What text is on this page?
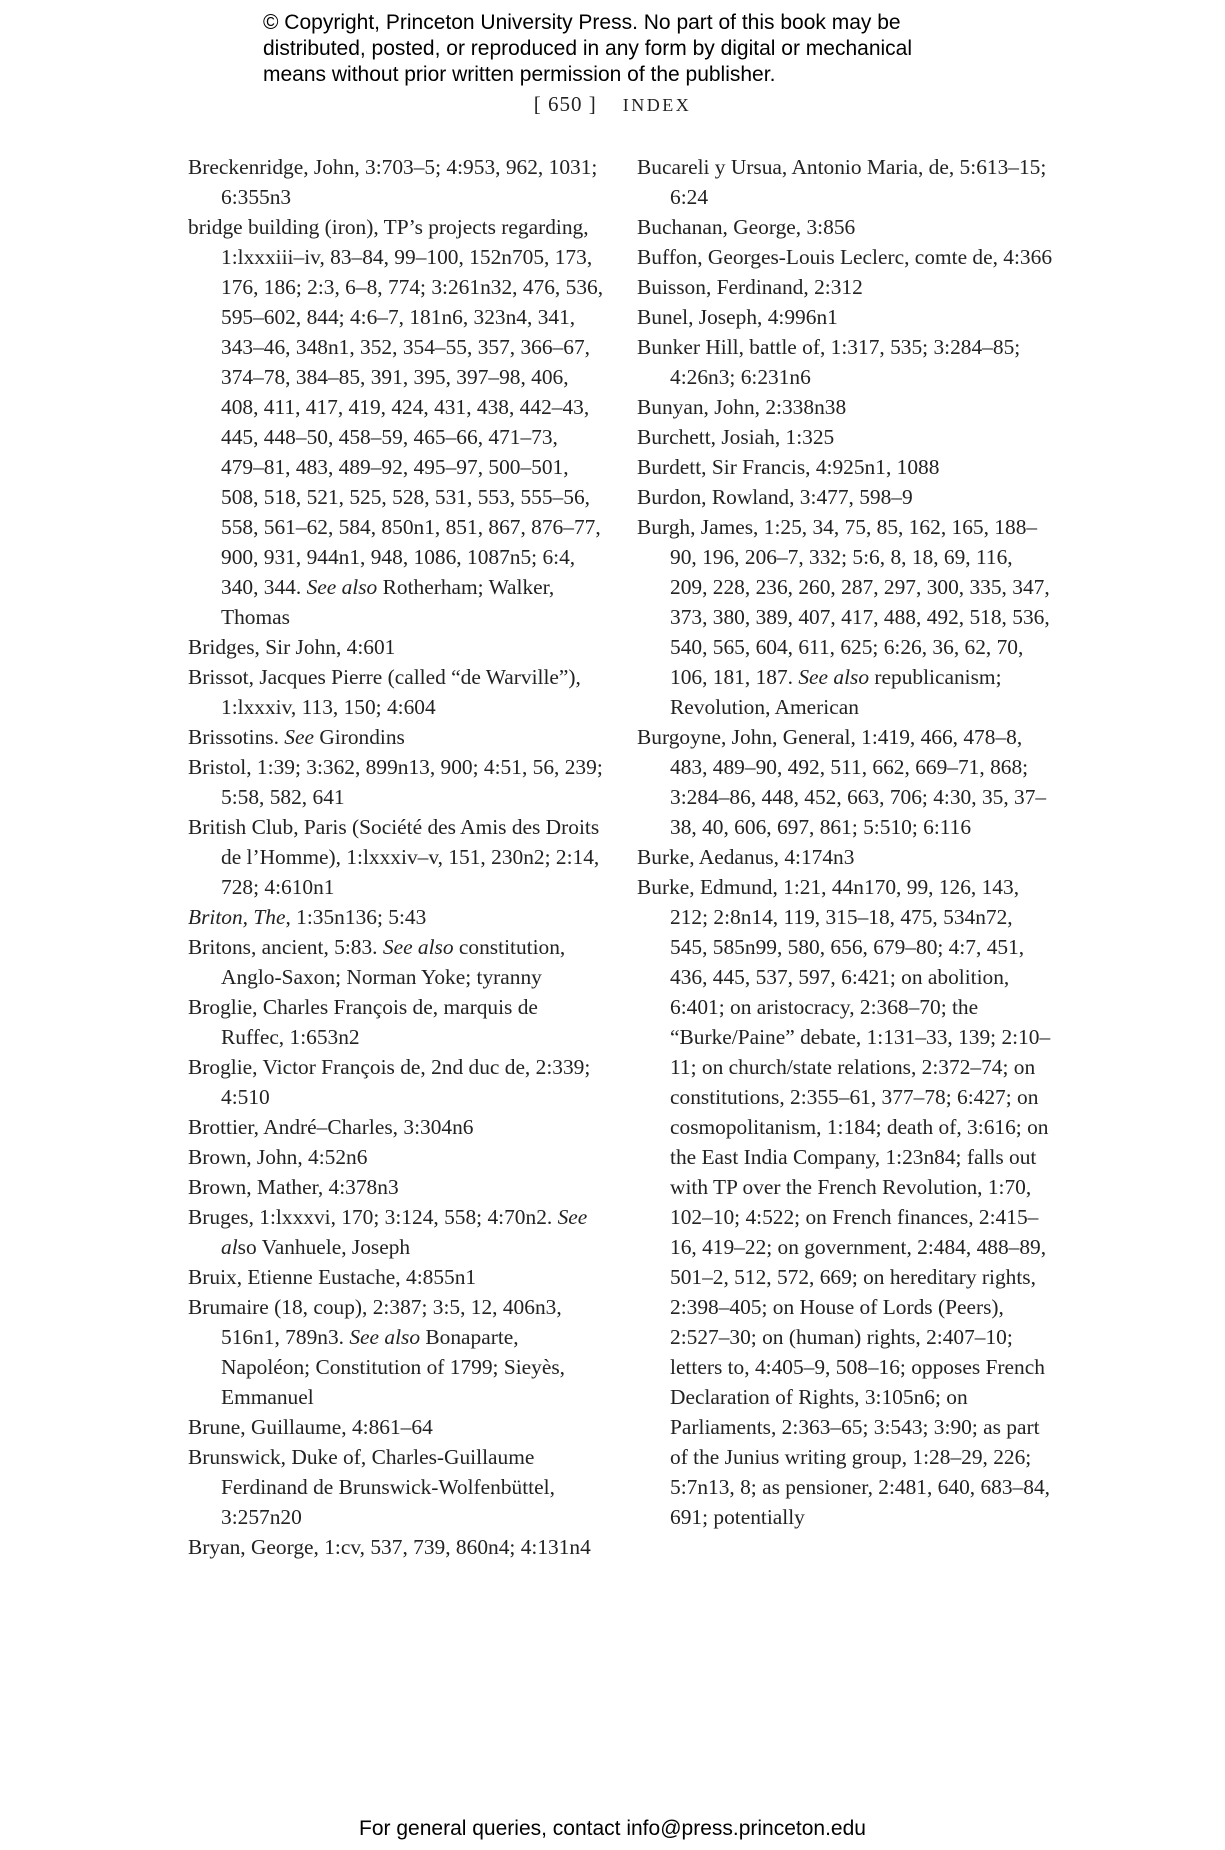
© Copyright, Princeton University Press. No part of this book may be
distributed, posted, or reproduced in any form by digital or mechanical
means without prior written permission of the publisher.
[ 650 ] INDEX
Breckenridge, John, 3:703–5; 4:953, 962, 1031; 6:355n3
bridge building (iron), TP’s projects regarding, 1:lxxxiii–iv, 83–84, 99–100, 152n705, 173, 176, 186; 2:3, 6–8, 774; 3:261n32, 476, 536, 595–602, 844; 4:6–7, 181n6, 323n4, 341, 343–46, 348n1, 352, 354–55, 357, 366–67, 374–78, 384–85, 391, 395, 397–98, 406, 408, 411, 417, 419, 424, 431, 438, 442–43, 445, 448–50, 458–59, 465–66, 471–73, 479–81, 483, 489–92, 495–97, 500–501, 508, 518, 521, 525, 528, 531, 553, 555–56, 558, 561–62, 584, 850n1, 851, 867, 876–77, 900, 931, 944n1, 948, 1086, 1087n5; 6:4, 340, 344. See also Rotherham; Walker, Thomas
Bridges, Sir John, 4:601
Brissot, Jacques Pierre (called “de Warville”), 1:lxxxiv, 113, 150; 4:604
Brissotins. See Girondins
Bristol, 1:39; 3:362, 899n13, 900; 4:51, 56, 239; 5:58, 582, 641
British Club, Paris (Société des Amis des Droits de l’Homme), 1:lxxxiv–v, 151, 230n2; 2:14, 728; 4:610n1
Briton, The, 1:35n136; 5:43
Britons, ancient, 5:83. See also constitution, Anglo-Saxon; Norman Yoke; tyranny
Broglie, Charles François de, marquis de Ruffec, 1:653n2
Broglie, Victor François de, 2nd duc de, 2:339; 4:510
Brottier, André–Charles, 3:304n6
Brown, John, 4:52n6
Brown, Mather, 4:378n3
Bruges, 1:lxxxvi, 170; 3:124, 558; 4:70n2. See also Vanhuele, Joseph
Bruix, Etienne Eustache, 4:855n1
Brumaire (18, coup), 2:387; 3:5, 12, 406n3, 516n1, 789n3. See also Bonaparte, Napoléon; Constitution of 1799; Sieyès, Emmanuel
Brune, Guillaume, 4:861–64
Brunswick, Duke of, Charles-Guillaume Ferdinand de Brunswick-Wolfenbüttel, 3:257n20
Bryan, George, 1:cv, 537, 739, 860n4; 4:131n4
Bucareli y Ursua, Antonio Maria, de, 5:613–15; 6:24
Buchanan, George, 3:856
Buffon, Georges-Louis Leclerc, comte de, 4:366
Buisson, Ferdinand, 2:312
Bunel, Joseph, 4:996n1
Bunker Hill, battle of, 1:317, 535; 3:284–85; 4:26n3; 6:231n6
Bunyan, John, 2:338n38
Burchett, Josiah, 1:325
Burdett, Sir Francis, 4:925n1, 1088
Burdon, Rowland, 3:477, 598–9
Burgh, James, 1:25, 34, 75, 85, 162, 165, 188–90, 196, 206–7, 332; 5:6, 8, 18, 69, 116, 209, 228, 236, 260, 287, 297, 300, 335, 347, 373, 380, 389, 407, 417, 488, 492, 518, 536, 540, 565, 604, 611, 625; 6:26, 36, 62, 70, 106, 181, 187. See also republicanism; Revolution, American
Burgoyne, John, General, 1:419, 466, 478–8, 483, 489–90, 492, 511, 662, 669–71, 868; 3:284–86, 448, 452, 663, 706; 4:30, 35, 37–38, 40, 606, 697, 861; 5:510; 6:116
Burke, Aedanus, 4:174n3
Burke, Edmund, 1:21, 44n170, 99, 126, 143, 212; 2:8n14, 119, 315–18, 475, 534n72, 545, 585n99, 580, 656, 679–80; 4:7, 451, 436, 445, 537, 597, 6:421; on abolition, 6:401; on aristocracy, 2:368–70; the “Burke/Paine” debate, 1:131–33, 139; 2:10–11; on church/state relations, 2:372–74; on constitutions, 2:355–61, 377–78; 6:427; on cosmopolitanism, 1:184; death of, 3:616; on the East India Company, 1:23n84; falls out with TP over the French Revolution, 1:70, 102–10; 4:522; on French finances, 2:415–16, 419–22; on government, 2:484, 488–89, 501–2, 512, 572, 669; on hereditary rights, 2:398–405; on House of Lords (Peers), 2:527–30; on (human) rights, 2:407–10; letters to, 4:405–9, 508–16; opposes French Declaration of Rights, 3:105n6; on Parliaments, 2:363–65; 3:543; 3:90; as part of the Junius writing group, 1:28–29, 226; 5:7n13, 8; as pensioner, 2:481, 640, 683–84, 691; potentially
For general queries, contact info@press.princeton.edu
